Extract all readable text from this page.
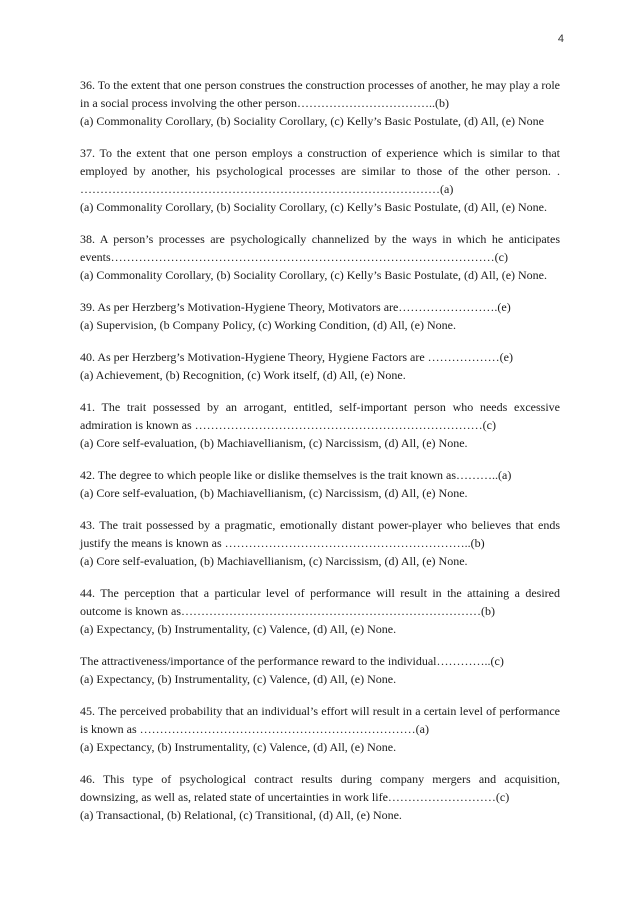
4

36. To the extent that one person construes the construction processes of another, he may play a role in a social process involving the other person……………………………..(b)

(a) Commonality Corollary, (b) Sociality Corollary, (c) Kelly’s Basic Postulate, (d) All, (e) None

37. To the extent that one person employs a construction of experience which is similar to that employed by another, his psychological processes are similar to those of the other person. . ………………………………………………………………………………(a)

(a) Commonality Corollary, (b) Sociality Corollary, (c) Kelly’s Basic Postulate, (d) All, (e) None.

38. A person’s processes are psychologically channelized by the ways in which he anticipates events……………………………………………………………………………………(c)

(a) Commonality Corollary, (b) Sociality Corollary, (c) Kelly’s Basic Postulate, (d) All, (e) None.

39. As per Herzberg’s Motivation-Hygiene Theory, Motivators are…………………….(e)

(a) Supervision, (b Company Policy, (c) Working Condition, (d) All, (e) None.

40. As per Herzberg’s Motivation-Hygiene Theory, Hygiene Factors are ………………(e)

(a) Achievement, (b) Recognition, (c) Work itself, (d) All, (e) None.

41. The trait possessed by an arrogant, entitled, self-important person who needs excessive admiration is known as ………………………………………………………………(c)

(a) Core self-evaluation, (b) Machiavellianism, (c) Narcissism, (d) All, (e) None.

42. The degree to which people like or dislike themselves is the trait known as………..(a)

(a) Core self-evaluation, (b) Machiavellianism, (c) Narcissism, (d) All, (e) None.

43. The trait possessed by a pragmatic, emotionally distant power-player who believes that ends justify the means is known as ……………………………………………………..(b)

(a) Core self-evaluation, (b) Machiavellianism, (c) Narcissism, (d) All, (e) None.

44. The perception that a particular level of performance will result in the attaining a desired outcome is known as…………………………………………………………………(b)

(a) Expectancy, (b) Instrumentality, (c) Valence, (d) All, (e) None.

The attractiveness/importance of the performance reward to the individual…………..(c)

(a) Expectancy, (b) Instrumentality, (c) Valence, (d) All, (e) None.

45. The perceived probability that an individual’s effort will result in a certain level of performance is known as ……………………………………………………………(a)

(a) Expectancy, (b) Instrumentality, (c) Valence, (d) All, (e) None.

46. This type of psychological contract results during company mergers and acquisition, downsizing, as well as, related state of uncertainties in work life………………………(c)

(a) Transactional, (b) Relational, (c) Transitional, (d) All, (e) None.
